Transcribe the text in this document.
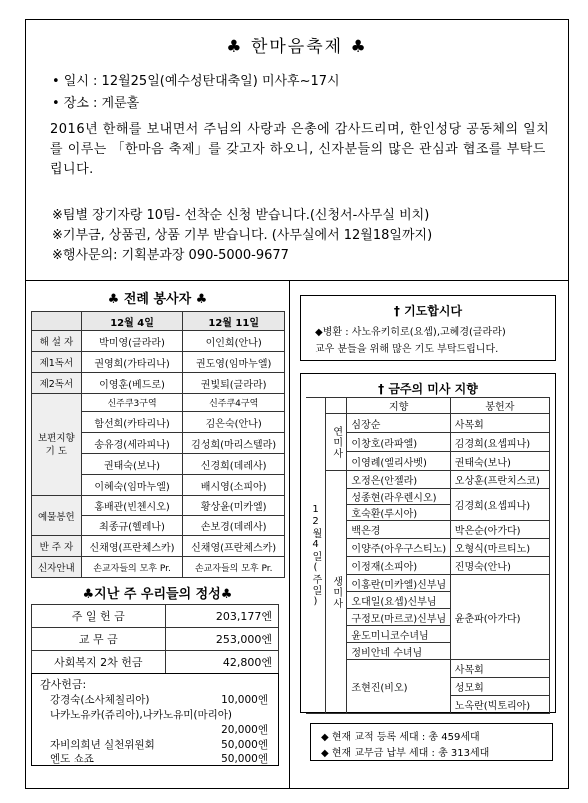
♣ 한마음축제 ♣
• 일시 : 12월25일(예수성탄대축일) 미사후~17시
• 장소 : 게룬홀
2016년 한해를 보내면서 주님의 사랑과 은총에 감사드리며, 한인성당 공동체의 일치를 이루는 「한마음 축제」를 갖고자 하오니, 신자분들의 많은 관심과 협조를 부탁드립니다.
※팀별 장기자랑 10팀- 선착순 신청 받습니다.(신청서-사무실 비치)
※기부금, 상품권, 상품 기부 받습니다. (사무실에서 12월18일까지)
※행사문의: 기획분과장 090-5000-9677
♣ 전례 봉사자 ♣
	12월 4일	12월 11일
해 설 자	박미영(글라라)	이인희(안나)
제1독서	권영희(가타리나)	권도영(임마누엘)
제2독서	이영훈(베드로)	권빛퇴(글라라)
보편지향
기 도	신주쿠3구역	신주쿠4구역
	함선희(카타리나)	김은숙(안나)
	송유경(세라피나)	김성희(마리스텔라)
	권태숙(보나)	신경희(데레사)
	이혜숙(임마누엘)	배시영(소피아)
예물봉헌	홍배관(빈첸시오)	황상윤(미카엘)
	최종규(헬레나)	손보경(데레사)
반 주 자	신채영(프란체스카)	신채영(프란체스카)
신자안내	손교자들의 모후 Pr.	손교자들의 모후 Pr.
♣지난 주 우리들의 정성♣
주 일 헌 금	203,177엔
교 무 금	253,000엔
사회복지 2차 헌금	42,800엔
감사헌금:
강경숙(소사체칠리아)	10,000엔
나카노유카(쥬리아),나카노유미(마리아)
20,000엔
자비의희년 실천위원회	50,000엔
엔도 쇼죠	50,000엔
† 기도합시다
◆병환 : 사노유키히로(요셉),고혜경(글라라)
교우 분들을 위해 많은 기도 부탁드립니다.
† 금주의 미사 지향
12월4일(주일)		지향	봉헌자
	연미사	심장순	사목회
		이창호(라파엘)	김경희(요셉피나)
		이영례(엘리사벳)	권태숙(보나)
	생미사	오정은(안젤라)	오상훈(프란치스코)
		성종현(라우렌시오)	김경희(요셉피나)
		호숙환(루시아)	
		백은경	박은순(아가다)
		이양주(아우구스티노)	오형식(마르티노)
		이정재(소피아)	진명숙(안나)
		이홍란(미카엘)신부님	윤춘파(아가다)
		오대일(요셉)신부님	
		구정모(마르코)신부님	
		윤도미니코수녀님	
		정비안네 수녀님	
		조현진(비오)	사목회
			성모회
			노옥란(빅토리아)
◆ 현재 교적 등록 세대 : 총 459세대
◆ 현재 교무금 납부 세대 : 총 313세대
